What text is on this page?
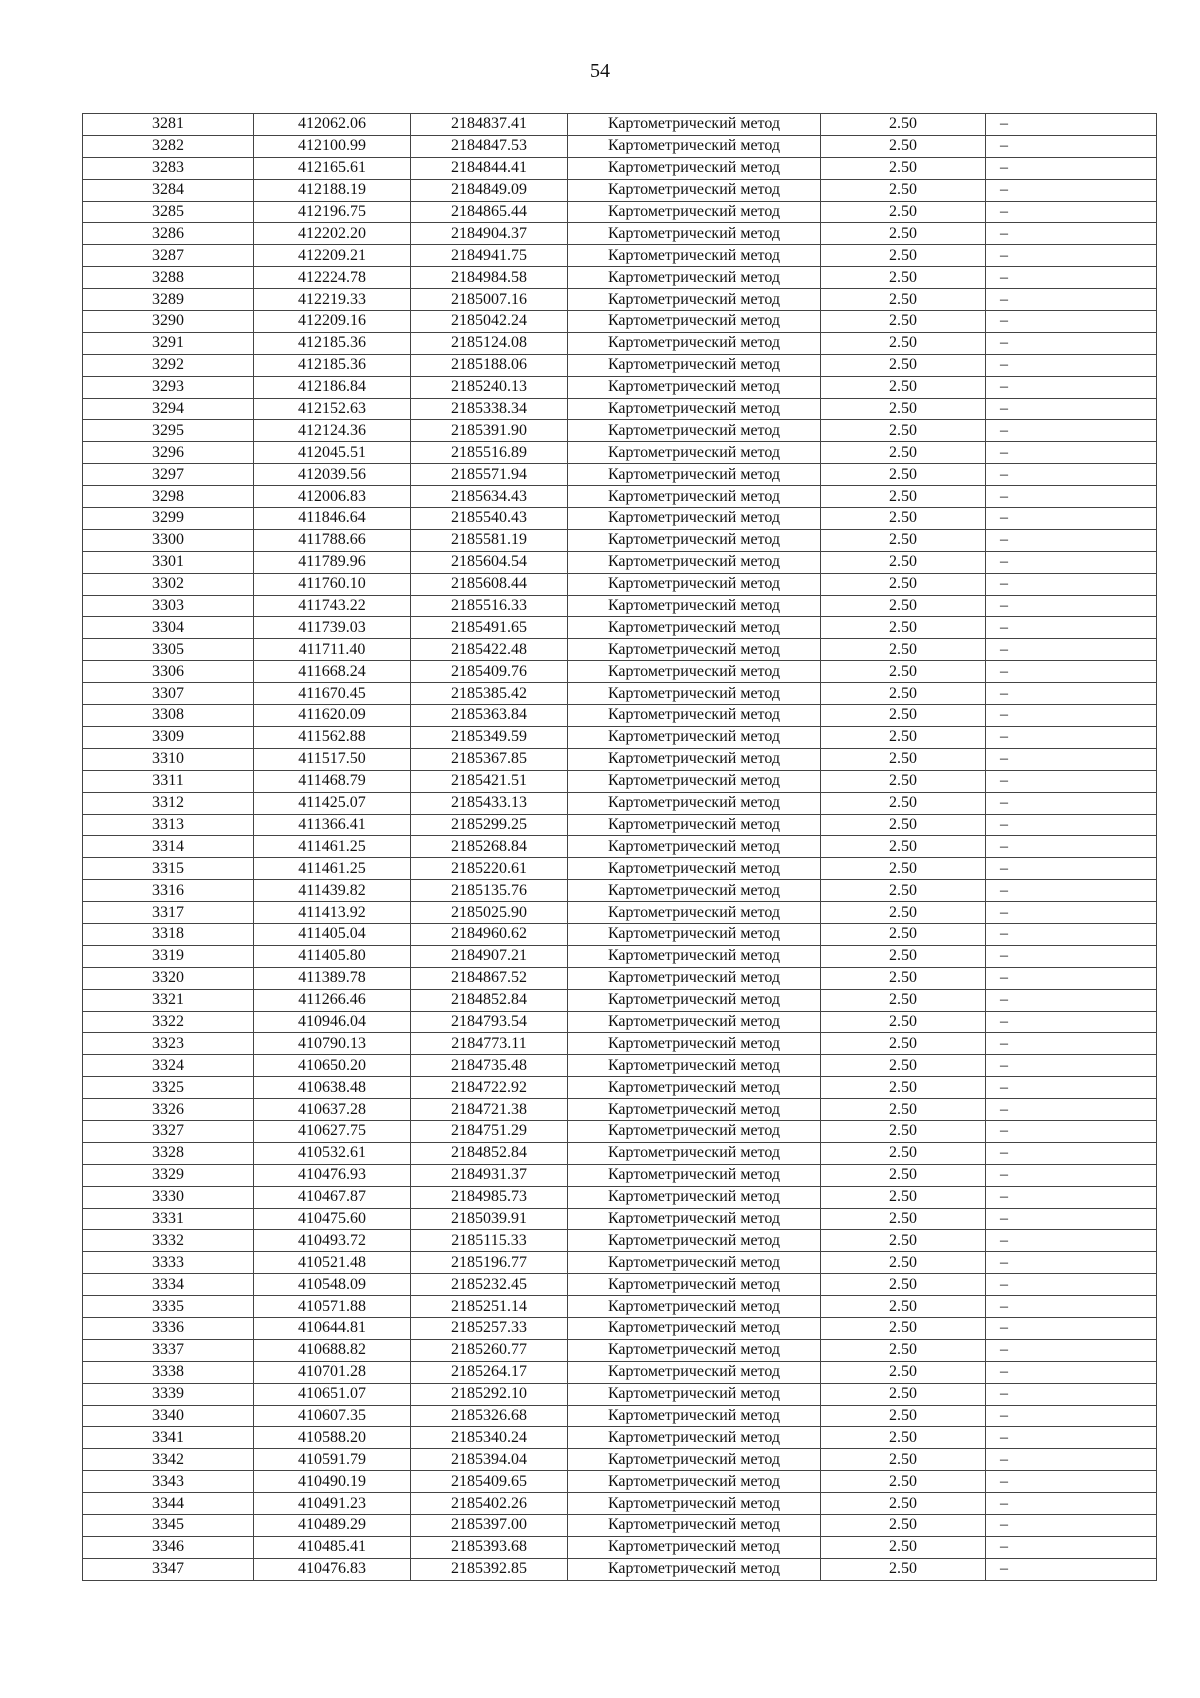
54
3281	412062.06	2184837.41	Картометрический метод	2.50	–
3282	412100.99	2184847.53	Картометрический метод	2.50	–
3283	412165.61	2184844.41	Картометрический метод	2.50	–
3284	412188.19	2184849.09	Картометрический метод	2.50	–
3285	412196.75	2184865.44	Картометрический метод	2.50	–
3286	412202.20	2184904.37	Картометрический метод	2.50	–
3287	412209.21	2184941.75	Картометрический метод	2.50	–
3288	412224.78	2184984.58	Картометрический метод	2.50	–
3289	412219.33	2185007.16	Картометрический метод	2.50	–
3290	412209.16	2185042.24	Картометрический метод	2.50	–
3291	412185.36	2185124.08	Картометрический метод	2.50	–
3292	412185.36	2185188.06	Картометрический метод	2.50	–
3293	412186.84	2185240.13	Картометрический метод	2.50	–
3294	412152.63	2185338.34	Картометрический метод	2.50	–
3295	412124.36	2185391.90	Картометрический метод	2.50	–
3296	412045.51	2185516.89	Картометрический метод	2.50	–
3297	412039.56	2185571.94	Картометрический метод	2.50	–
3298	412006.83	2185634.43	Картометрический метод	2.50	–
3299	411846.64	2185540.43	Картометрический метод	2.50	–
3300	411788.66	2185581.19	Картометрический метод	2.50	–
3301	411789.96	2185604.54	Картометрический метод	2.50	–
3302	411760.10	2185608.44	Картометрический метод	2.50	–
3303	411743.22	2185516.33	Картометрический метод	2.50	–
3304	411739.03	2185491.65	Картометрический метод	2.50	–
3305	411711.40	2185422.48	Картометрический метод	2.50	–
3306	411668.24	2185409.76	Картометрический метод	2.50	–
3307	411670.45	2185385.42	Картометрический метод	2.50	–
3308	411620.09	2185363.84	Картометрический метод	2.50	–
3309	411562.88	2185349.59	Картометрический метод	2.50	–
3310	411517.50	2185367.85	Картометрический метод	2.50	–
3311	411468.79	2185421.51	Картометрический метод	2.50	–
3312	411425.07	2185433.13	Картометрический метод	2.50	–
3313	411366.41	2185299.25	Картометрический метод	2.50	–
3314	411461.25	2185268.84	Картометрический метод	2.50	–
3315	411461.25	2185220.61	Картометрический метод	2.50	–
3316	411439.82	2185135.76	Картометрический метод	2.50	–
3317	411413.92	2185025.90	Картометрический метод	2.50	–
3318	411405.04	2184960.62	Картометрический метод	2.50	–
3319	411405.80	2184907.21	Картометрический метод	2.50	–
3320	411389.78	2184867.52	Картометрический метод	2.50	–
3321	411266.46	2184852.84	Картометрический метод	2.50	–
3322	410946.04	2184793.54	Картометрический метод	2.50	–
3323	410790.13	2184773.11	Картометрический метод	2.50	–
3324	410650.20	2184735.48	Картометрический метод	2.50	–
3325	410638.48	2184722.92	Картометрический метод	2.50	–
3326	410637.28	2184721.38	Картометрический метод	2.50	–
3327	410627.75	2184751.29	Картометрический метод	2.50	–
3328	410532.61	2184852.84	Картометрический метод	2.50	–
3329	410476.93	2184931.37	Картометрический метод	2.50	–
3330	410467.87	2184985.73	Картометрический метод	2.50	–
3331	410475.60	2185039.91	Картометрический метод	2.50	–
3332	410493.72	2185115.33	Картометрический метод	2.50	–
3333	410521.48	2185196.77	Картометрический метод	2.50	–
3334	410548.09	2185232.45	Картометрический метод	2.50	–
3335	410571.88	2185251.14	Картометрический метод	2.50	–
3336	410644.81	2185257.33	Картометрический метод	2.50	–
3337	410688.82	2185260.77	Картометрический метод	2.50	–
3338	410701.28	2185264.17	Картометрический метод	2.50	–
3339	410651.07	2185292.10	Картометрический метод	2.50	–
3340	410607.35	2185326.68	Картометрический метод	2.50	–
3341	410588.20	2185340.24	Картометрический метод	2.50	–
3342	410591.79	2185394.04	Картометрический метод	2.50	–
3343	410490.19	2185409.65	Картометрический метод	2.50	–
3344	410491.23	2185402.26	Картометрический метод	2.50	–
3345	410489.29	2185397.00	Картометрический метод	2.50	–
3346	410485.41	2185393.68	Картометрический метод	2.50	–
3347	410476.83	2185392.85	Картометрический метод	2.50	–
